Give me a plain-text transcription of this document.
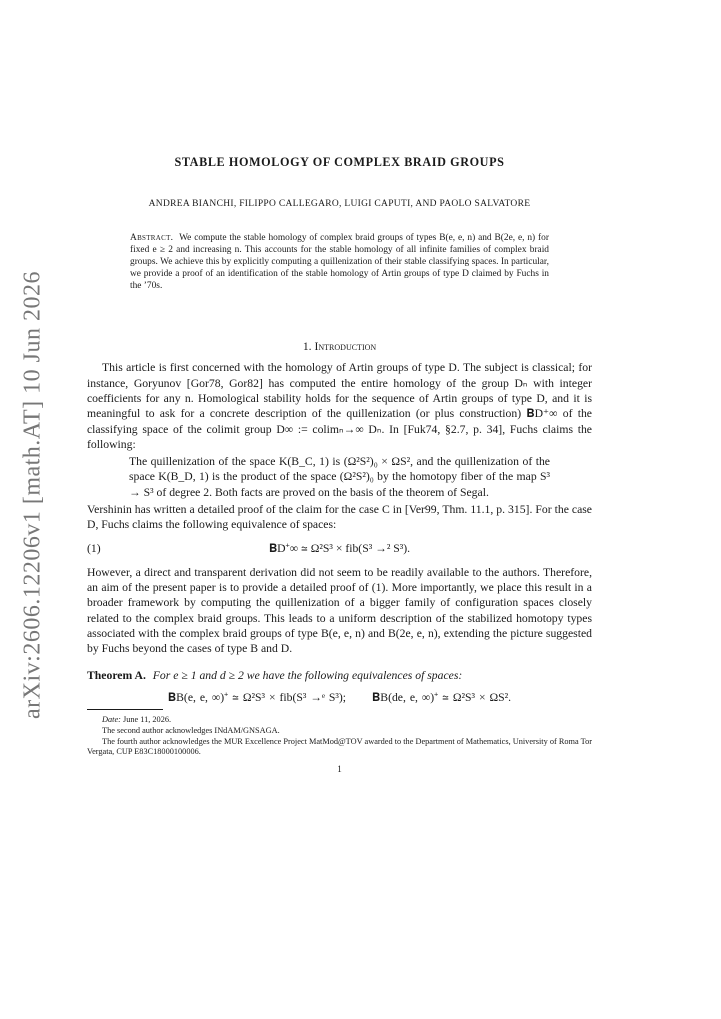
arXiv:2606.12206v1 [math.AT] 10 Jun 2026
STABLE HOMOLOGY OF COMPLEX BRAID GROUPS
ANDREA BIANCHI, FILIPPO CALLEGARO, LUIGI CAPUTI, AND PAOLO SALVATORE
Abstract. We compute the stable homology of complex braid groups of types B(e, e, n) and B(2e, e, n) for fixed e ≥ 2 and increasing n. This accounts for the stable homology of all infinite families of complex braid groups. We achieve this by explicitly computing a quillenization of their stable classifying spaces. In particular, we provide a proof of an identification of the stable homology of Artin groups of type D claimed by Fuchs in the ’70s.
1. Introduction

This article is first concerned with the homology of Artin groups of type D. The subject is classical; for instance, Goryunov [Gor78, Gor82] has computed the entire homology of the group Dₙ with integer coefficients for any n. Homological stability holds for the sequence of Artin groups of type D, and it is meaningful to ask for a concrete description of the quillenization (or plus construction) 𝐁D⁺∞ of the classifying space of the colimit group D∞ := colimₙ→∞ Dₙ. In [Fuk74, §2.7, p. 34], Fuchs claims the following:

The quillenization of the space K(B_C, 1) is (Ω²S²)₀ × ΩS², and the quillenization of the space K(B_D, 1) is the product of the space (Ω²S²)₀ by the homotopy fiber of the map S³ → S³ of degree 2. Both facts are proved on the basis of the theorem of Segal.

Vershinin has written a detailed proof of the claim for the case C in [Ver99, Thm. 11.1, p. 315]. For the case D, Fuchs claims the following equivalence of spaces:

(1)	𝐁D⁺∞ ≃ Ω²S³ × fib(S³ →² S³).

However, a direct and transparent derivation did not seem to be readily available to the authors. Therefore, an aim of the present paper is to provide a detailed proof of (1). More importantly, we place this result in a broader framework by computing the quillenization of a bigger family of configuration spaces closely related to the complex braid groups. This leads to a uniform description of the stabilized homotopy types associated with the complex braid groups of type B(e, e, n) and B(2e, e, n), extending the picture suggested by Fuchs beyond the cases of type B and D.

Theorem A. For e ≥ 1 and d ≥ 2 we have the following equivalences of spaces:
𝐁B(e, e, ∞)⁺ ≃ Ω²S³ × fib(S³ →ᵉ S³); 𝐁B(de, e, ∞)⁺ ≃ Ω²S³ × ΩS².

Date: June 11, 2026.

The second author acknowledges INdAM/GNSAGA.

The fourth author acknowledges the MUR Excellence Project MatMod@TOV awarded to the Department of Mathematics, University of Roma Tor Vergata, CUP E83C18000100006.

1
